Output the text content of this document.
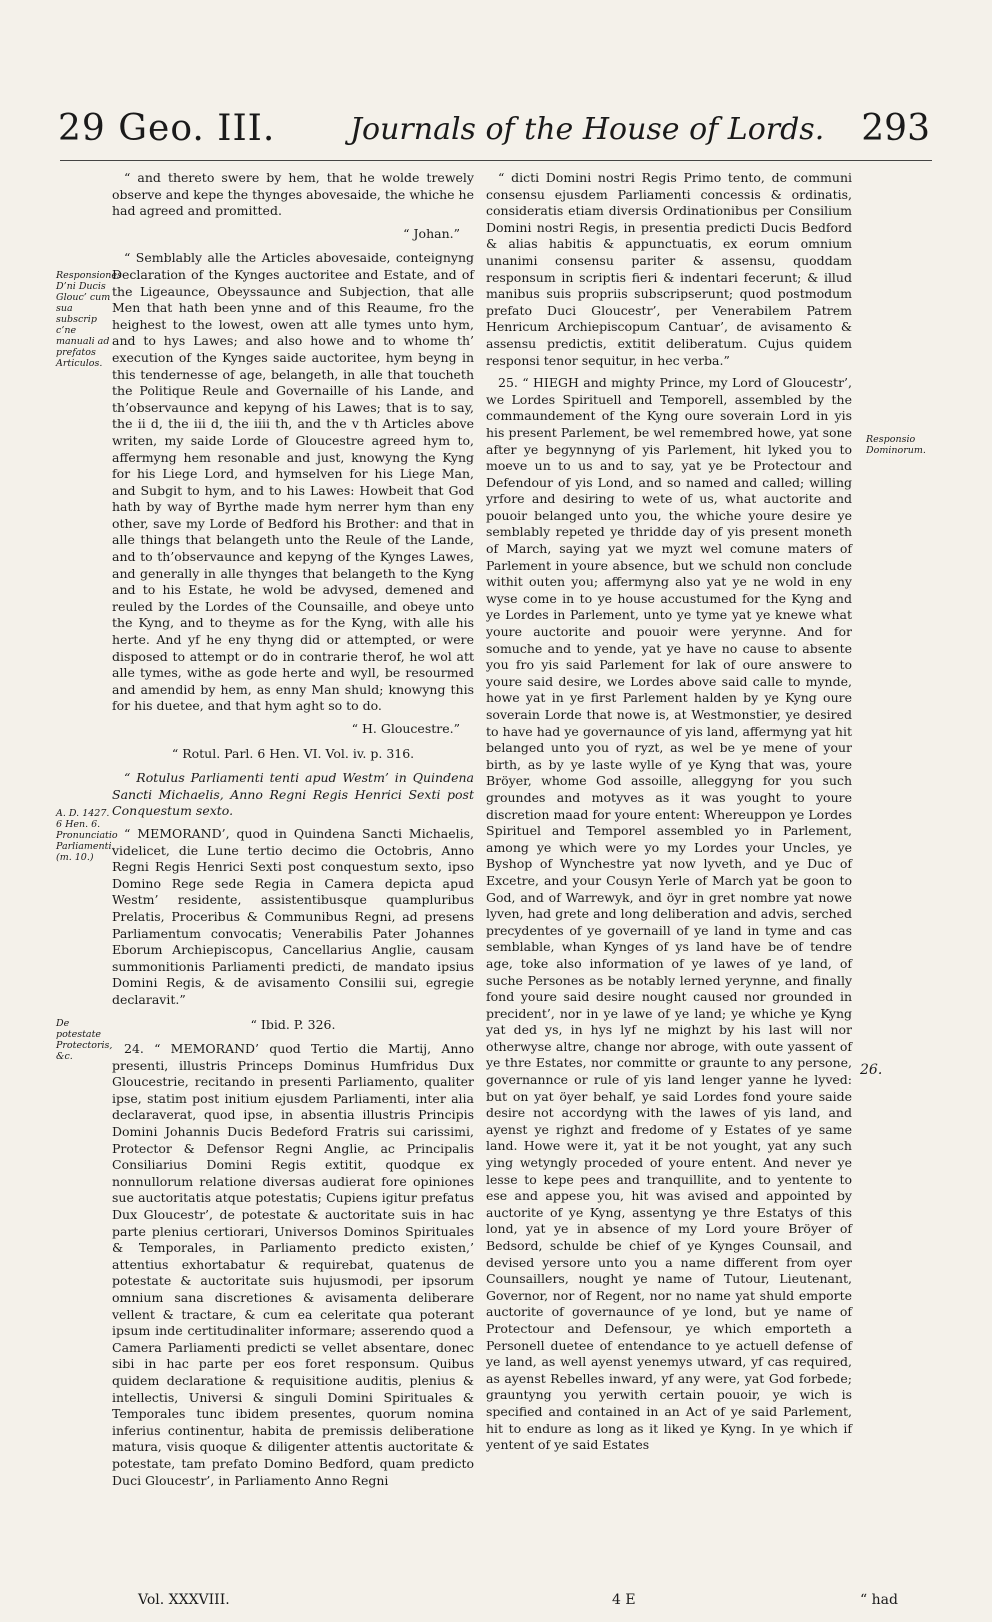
29 Geo. III. Journals of the House of Lords. 293
Responsiones D’ni Ducis Glouc’ cum sua subscrip c’ne manuali ad prefatos Articulos.
A. D. 1427. 6 Hen. 6. Pronunciatio Parliamenti. (m. 10.)
De potestate Protectoris, &c.
Responsio Dominorum.
26.

“ and thereto swere by hem, that he wolde trewely observe and kepe the thynges abovesaide, the whiche he had agreed and promitted.

“ Johan.”

“ Semblably alle the Articles abovesaide, conteignyng Declaration of the Kynges auctoritee and Estate, and of the Ligeaunce, Obeyssaunce and Subjection, that alle Men that hath been ynne and of this Reaume, fro the heighest to the lowest, owen att alle tymes unto hym, and to hys Lawes; and also howe and to whome th’ execution of the Kynges saide auctoritee, hym beyng in this tendernesse of age, belangeth, in alle that toucheth the Politique Reule and Governaille of his Lande, and th’observaunce and kepyng of his Lawes; that is to say, the ii d, the iii d, the iiii th, and the v th Articles above writen, my saide Lorde of Gloucestre agreed hym to, affermyng hem resonable and just, knowyng the Kyng for his Liege Lord, and hymselven for his Liege Man, and Subgit to hym, and to his Lawes: Howbeit that God hath by way of Byrthe made hym nerrer hym than eny other, save my Lorde of Bedford his Brother: and that in alle things that belangeth unto the Reule of the Lande, and to th’observaunce and kepyng of the Kynges Lawes, and generally in alle thynges that belangeth to the Kyng and to his Estate, he wold be advysed, demened and reuled by the Lordes of the Counsaille, and obeye unto the Kyng, and to theyme as for the Kyng, with alle his herte. And yf he eny thyng did or attempted, or were disposed to attempt or do in contrarie therof, he wol att alle tymes, withe as gode herte and wyll, be resourmed and amendid by hem, as enny Man shuld; knowyng this for his duetee, and that hym aght so to do.

“ H. Gloucestre.”

“ Rotul. Parl. 6 Hen. VI. Vol. iv. p. 316.

“ Rotulus Parliamenti tenti apud Westm’ in Quindena Sancti Michaelis, Anno Regni Regis Henrici Sexti post Conquestum sexto.

“ MEMORAND’, quod in Quindena Sancti Michaelis, videlicet, die Lune tertio decimo die Octobris, Anno Regni Regis Henrici Sexti post conquestum sexto, ipso Domino Rege sede Regia in Camera depicta apud Westm’ residente, assistentibusque quampluribus Prelatis, Proceribus & Communibus Regni, ad presens Parliamentum convocatis; Venerabilis Pater Johannes Eborum Archiepiscopus, Cancellarius Anglie, causam summonitionis Parliamenti predicti, de mandato ipsius Domini Regis, & de avisamento Consilii sui, egregie declaravit.”

“ Ibid. P. 326.

24. “ MEMORAND’ quod Tertio die Martij, Anno presenti, illustris Princeps Dominus Humfridus Dux Gloucestrie, recitando in presenti Parliamento, qualiter ipse, statim post initium ejusdem Parliamenti, inter alia declaraverat, quod ipse, in absentia illustris Principis Domini Johannis Ducis Bedeford Fratris sui carissimi, Protector & Defensor Regni Anglie, ac Principalis Consiliarius Domini Regis extitit, quodque ex nonnullorum relatione diversas audierat fore opiniones sue auctoritatis atque potestatis; Cupiens igitur prefatus Dux Gloucestr’, de potestate & auctoritate suis in hac parte plenius certiorari, Universos Dominos Spirituales & Temporales, in Parliamento predicto existen,’ attentius exhortabatur & requirebat, quatenus de potestate & auctoritate suis hujusmodi, per ipsorum omnium sana discretiones & avisamenta deliberare vellent & tractare, & cum ea celeritate qua poterant ipsum inde certitudinaliter informare; asserendo quod a Camera Parliamenti predicti se vellet absentare, donec sibi in hac parte per eos foret responsum. Quibus quidem declaratione & requisitione auditis, plenius & intellectis, Universi & singuli Domini Spirituales & Temporales tunc ibidem presentes, quorum nomina inferius continentur, habita de premissis deliberatione matura, visis quoque & diligenter attentis auctoritate & potestate, tam prefato Domino Bedford, quam predicto Duci Gloucestr’, in Parliamento Anno Regni

“ dicti Domini nostri Regis Primo tento, de communi consensu ejusdem Parliamenti concessis & ordinatis, consideratis etiam diversis Ordinationibus per Consilium Domini nostri Regis, in presentia predicti Ducis Bedford & alias habitis & appunctuatis, ex eorum omnium unanimi consensu pariter & assensu, quoddam responsum in scriptis fieri & indentari fecerunt; & illud manibus suis propriis subscripserunt; quod postmodum prefato Duci Gloucestr’, per Venerabilem Patrem Henricum Archiepiscopum Cantuar’, de avisamento & assensu predictis, extitit deliberatum. Cujus quidem responsi tenor sequitur, in hec verba.”

25. “ HIEGH and mighty Prince, my Lord of Gloucestr’, we Lordes Spirituell and Temporell, assembled by the commaundement of the Kyng oure soverain Lord in yis his present Parlement, be wel remembred howe, yat sone after ye begynnyng of yis Parlement, hit lyked you to moeve un to us and to say, yat ye be Protectour and Defendour of yis Lond, and so named and called; willing yrfore and desiring to wete of us, what auctorite and pouoir belanged unto you, the whiche youre desire ye semblably repeted ye thridde day of yis present moneth of March, saying yat we myzt wel comune maters of Parlement in youre absence, but we schuld non conclude withit outen you; affermyng also yat ye ne wold in eny wyse come in to ye house accustumed for the Kyng and ye Lordes in Parlement, unto ye tyme yat ye knewe what youre auctorite and pouoir were yerynne. And for somuche and to yende, yat ye have no cause to absente you fro yis said Parlement for lak of oure answere to youre said desire, we Lordes above said calle to mynde, howe yat in ye first Parlement halden by ye Kyng oure soverain Lorde that nowe is, at Westmonstier, ye desired to have had ye governaunce of yis land, affermyng yat hit belanged unto you of ryzt, as wel be ye mene of your birth, as by ye laste wylle of ye Kyng that was, youre Bröyer, whome God assoille, alleggyng for you such groundes and motyves as it was yought to youre discretion maad for youre entent: Whereuppon ye Lordes Spirituel and Temporel assembled yo in Parlement, among ye which were yo my Lordes your Uncles, ye Byshop of Wynchestre yat now lyveth, and ye Duc of Excetre, and your Cousyn Yerle of March yat be goon to God, and of Warrewyk, and öyr in gret nombre yat nowe lyven, had grete and long deliberation and advis, serched precydentes of ye governaill of ye land in tyme and cas semblable, whan Kynges of ys land have be of tendre age, toke also information of ye lawes of ye land, of suche Persones as be notably lerned yerynne, and finally fond youre said desire nought caused nor grounded in precident’, nor in ye lawe of ye land; ye whiche ye Kyng yat ded ys, in hys lyf ne mighzt by his last will nor otherwyse altre, change nor abroge, with oute yassent of ye thre Estates, nor committe or graunte to any persone, governannce or rule of yis land lenger yanne he lyved: but on yat öyer behalf, ye said Lordes fond youre saide desire not accordyng with the lawes of yis land, and ayenst ye righzt and fredome of y Estates of ye same land. Howe were it, yat it be not yought, yat any such ying wetyngly proceded of youre entent. And never ye lesse to kepe pees and tranquillite, and to yentente to ese and appese you, hit was avised and appointed by auctorite of ye Kyng, assentyng ye thre Estatys of this lond, yat ye in absence of my Lord youre Bröyer of Bedsord, schulde be chief of ye Kynges Counsail, and devised yersore unto you a name different from oyer Counsaillers, nought ye name of Tutour, Lieutenant, Governor, nor of Regent, nor no name yat shuld emporte auctorite of governaunce of ye lond, but ye name of Protectour and Defensour, ye which emporteth a Personell duetee of entendance to ye actuell defense of ye land, as well ayenst yenemys utward, yf cas required, as ayenst Rebelles inward, yf any were, yat God forbede; grauntyng you yerwith certain pouoir, ye wich is specified and contained in an Act of ye said Parlement, hit to endure as long as it liked ye Kyng. In ye which if yentent of ye said Estates

Vol. XXXVIII.	4 E	“ had
